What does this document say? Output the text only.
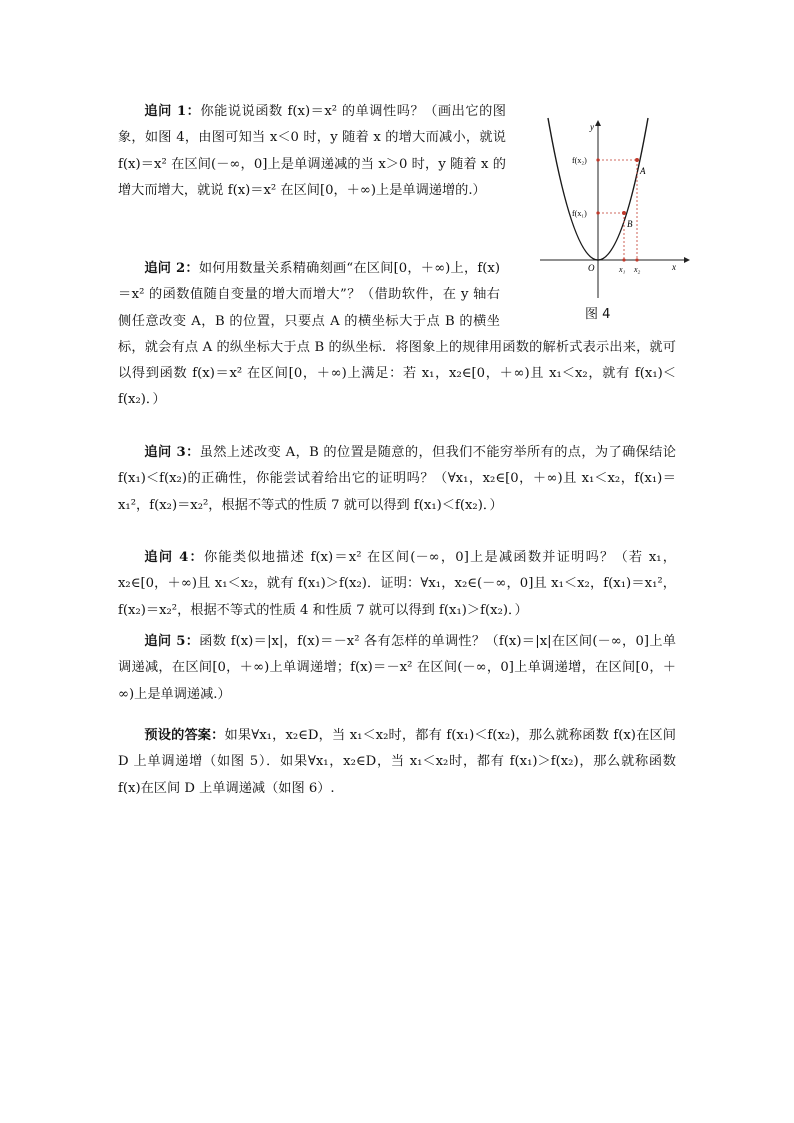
追问 1：你能说说函数 f(x)＝x² 的单调性吗？（画出它的图象，如图 4，由图可知当 x＜0 时，y 随着 x 的增大而减小，就说 f(x)＝x² 在区间(－∞，0]上是单调递减的当 x＞0 时，y 随着 x 的增大而增大，就说 f(x)＝x² 在区间[0，＋∞)上是单调递增的.）

y
x
O
f(x₂)
f(x₁)
A
B
x₁ x₂
图 4

追问 2：如何用数量关系精确刻画“在区间[0，＋∞)上，f(x)＝x² 的函数值随自变量的增大而增大”？（借助软件，在 y 轴右侧任意改变 A，B 的位置，只要点 A 的横坐标大于点 B 的横坐标，就会有点 A 的纵坐标大于点 B 的纵坐标．将图象上的规律用函数的解析式表示出来，就可以得到函数 f(x)＝x² 在区间[0，＋∞)上满足：若 x₁，x₂∈[0，＋∞)且 x₁＜x₂，就有 f(x₁)＜f(x₂)．）

追问 3：虽然上述改变 A，B 的位置是随意的，但我们不能穷举所有的点，为了确保结论 f(x₁)＜f(x₂)的正确性，你能尝试着给出它的证明吗？（∀x₁，x₂∈[0，＋∞)且 x₁＜x₂，f(x₁)＝x₁²，f(x₂)＝x₂²，根据不等式的性质 7 就可以得到 f(x₁)＜f(x₂)．）

追问 4：你能类似地描述 f(x)＝x² 在区间(－∞，0]上是减函数并证明吗？（若 x₁，x₂∈[0，＋∞)且 x₁＜x₂，就有 f(x₁)＞f(x₂)．证明：∀x₁，x₂∈(－∞，0]且 x₁＜x₂，f(x₁)＝x₁²，f(x₂)＝x₂²，根据不等式的性质 4 和性质 7 就可以得到 f(x₁)＞f(x₂)．）

追问 5：函数 f(x)＝|x|，f(x)＝－x² 各有怎样的单调性？（f(x)＝|x|在区间(－∞，0]上单调递减，在区间[0，＋∞)上单调递增；f(x)＝－x² 在区间(－∞，0]上单调递增，在区间[0，＋∞)上是单调递减.）

预设的答案：如果∀x₁，x₂∈D，当 x₁＜x₂时，都有 f(x₁)＜f(x₂)，那么就称函数 f(x)在区间 D 上单调递增（如图 5）．如果∀x₁，x₂∈D，当 x₁＜x₂时，都有 f(x₁)＞f(x₂)，那么就称函数 f(x)在区间 D 上单调递减（如图 6）.
